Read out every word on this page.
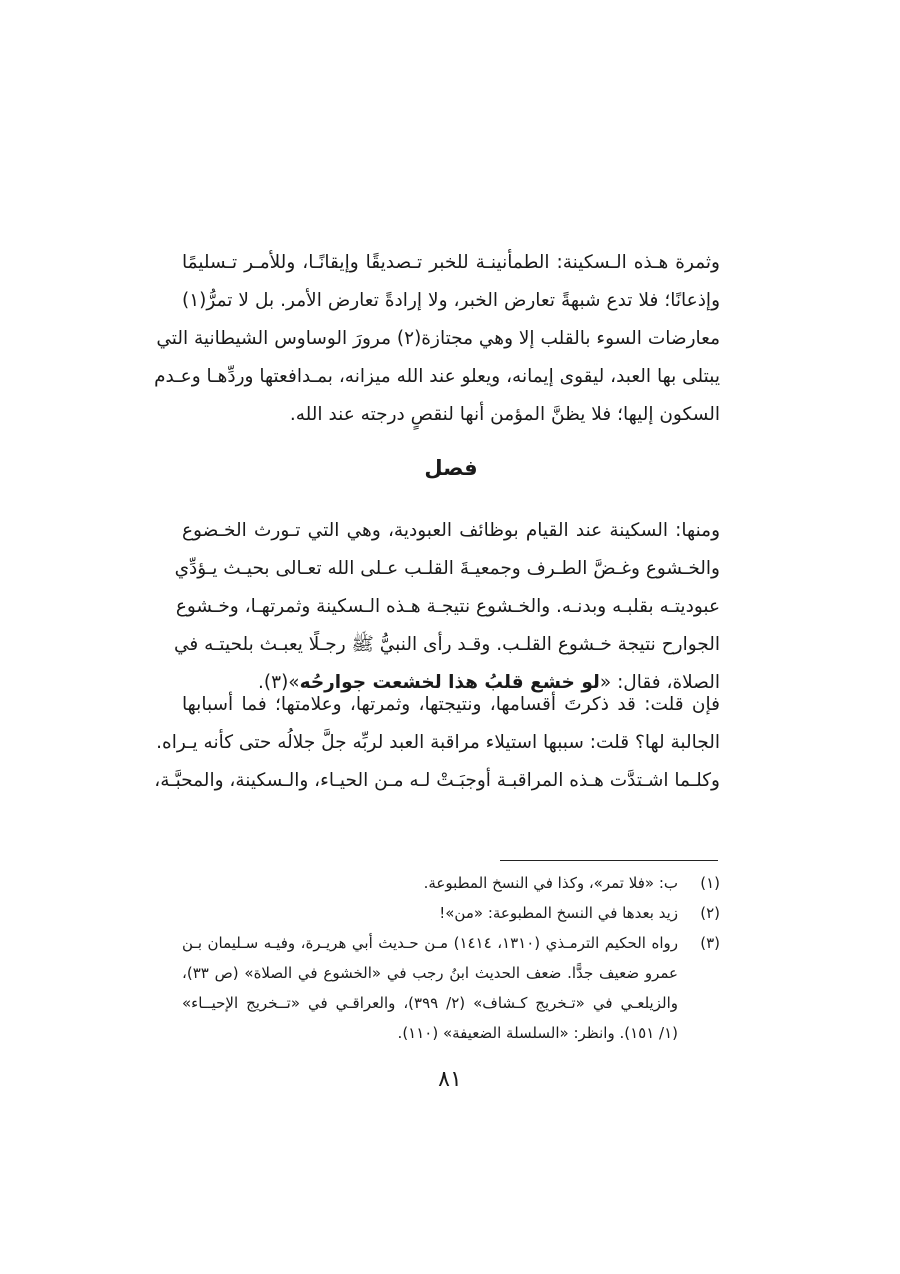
وثمرة هـذه الـسكينة: الطمأنينـة للخبر تـصديقًا وإيقانًـا، وللأمـر تـسليمًا
وإذعانًا؛ فلا تدع شبهةً تعارض الخبر، ولا إرادةً تعارض الأمر. بل لا تمرُّ(١)
معارضات السوء بالقلب إلا وهي مجتازة(٢) مرورَ الوساوس الشيطانية التي
يبتلى بها العبد، ليقوى إيمانه، ويعلو عند الله ميزانه، بمـدافعتها وردِّهـا وعـدم
السكون إليها؛ فلا يظنَّ المؤمن أنها لنقصٍ درجته عند الله.
فصل
ومنها: السكينة عند القيام بوظائف العبودية، وهي التي تـورث الخـضوع
والخـشوع وغـضَّ الطـرف وجمعيـةَ القلـب عـلى الله تعـالى بحيـث يـؤدِّي
عبوديتـه بقلبـه وبدنـه. والخـشوع نتيجـة هـذه الـسكينة وثمرتهـا، وخـشوع
الجوارح نتيجة خـشوع القلـب. وقـد رأى النبيُّ ﷺ رجـلًا يعبـث بلحيتـه في
الصلاة، فقال: «لو خشع قلبُ هذا لخشعت جوارحُه»(٣).
فإن قلت: قد ذكرتَ أقسامها، ونتيجتها، وثمرتها، وعلامتها؛ فما أسبابها
الجالبة لها؟ قلت: سببها استيلاء مراقبة العبد لربِّه جلَّ جلالُه حتى كأنه يـراه.
وكلـما اشـتدَّت هـذه المراقبـة أوجبَـتْ لـه مـن الحيـاء، والـسكينة، والمحبَّـة،
(١)
ب: «فلا تمر»، وكذا في النسخ المطبوعة.
(٢)
زيد بعدها في النسخ المطبوعة: «من»!
(٣)
رواه الحكيم الترمـذي (١٣١٠، ١٤١٤) مـن حـديث أبي هريـرة، وفيـه سـليمان بـن
عمرو ضعيف جدًّا. ضعف الحديث ابنُ رجب في «الخشوع في الصلاة» (ص ٣٣)،
والزيلعـي في «تـخريج كـشاف» (٢/ ٣٩٩)، والعراقـي في «تــخريج الإحيــاء»
(١/ ١٥١). وانظر: «السلسلة الضعيفة» (١١٠).
٨١
